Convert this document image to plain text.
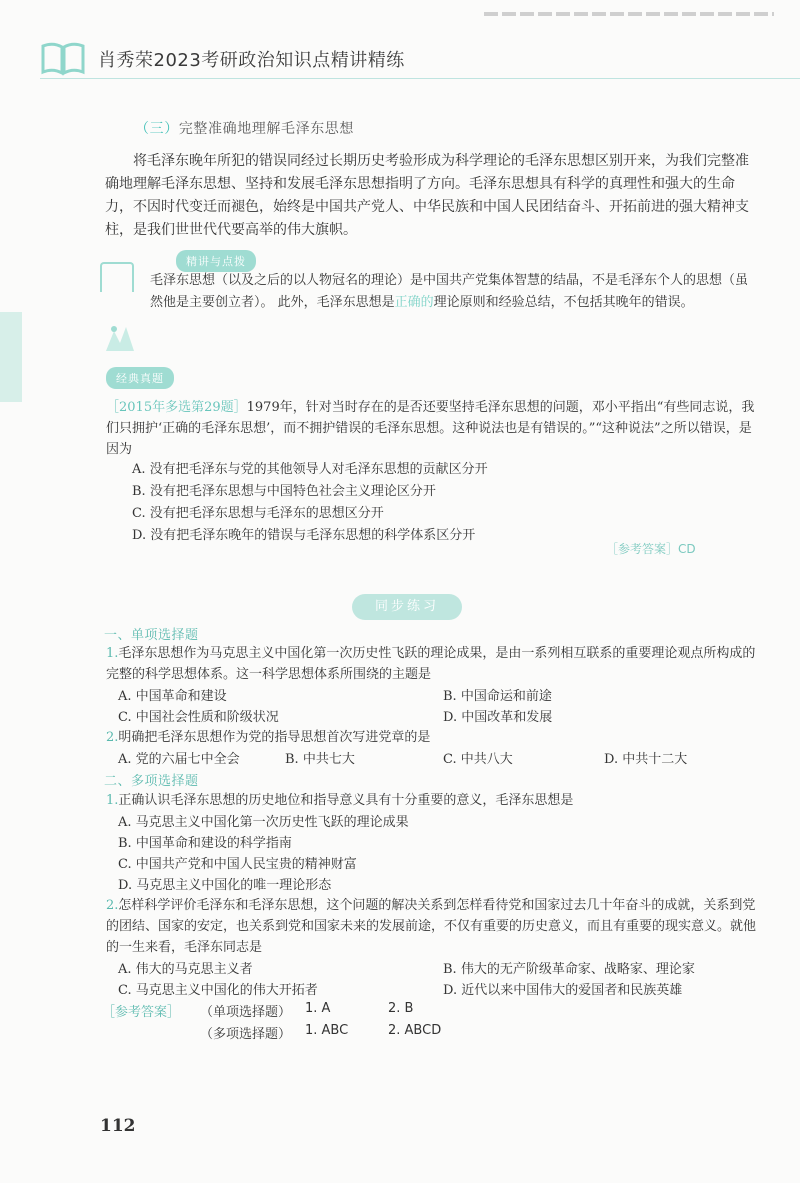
肖秀荣2023考研政治知识点精讲精练
（三）完整准确地理解毛泽东思想
将毛泽东晚年所犯的错误同经过长期历史考验形成为科学理论的毛泽东思想区别开来，为我们完整准确地理解毛泽东思想、坚持和发展毛泽东思想指明了方向。毛泽东思想具有科学的真理性和强大的生命力，不因时代变迁而褪色，始终是中国共产党人、中华民族和中国人民团结奋斗、开拓前进的强大精神支柱，是我们世世代代要高举的伟大旗帜。
精讲与点拨
毛泽东思想（以及之后的以人物冠名的理论）是中国共产党集体智慧的结晶，不是毛泽东个人的思想（虽然他是主要创立者）。 此外，毛泽东思想是正确的理论原则和经验总结，不包括其晚年的错误。
经典真题
［2015年多选第29题］1979年，针对当时存在的是否还要坚持毛泽东思想的问题，邓小平指出“有些同志说，我们只拥护‘正确的毛泽东思想’，而不拥护错误的毛泽东思想。这种说法也是有错误的。”“这种说法”之所以错误，是因为
A. 没有把毛泽东与党的其他领导人对毛泽东思想的贡献区分开
B. 没有把毛泽东思想与中国特色社会主义理论区分开
C. 没有把毛泽东思想与毛泽东的思想区分开
D. 没有把毛泽东晚年的错误与毛泽东思想的科学体系区分开
［参考答案］CD
同步练习
一、单项选择题
1.毛泽东思想作为马克思主义中国化第一次历史性飞跃的理论成果，是由一系列相互联系的重要理论观点所构成的完整的科学思想体系。这一科学思想体系所围绕的主题是
A. 中国革命和建设	B. 中国命运和前途
C. 中国社会性质和阶级状况	D. 中国改革和发展
2.明确把毛泽东思想作为党的指导思想首次写进党章的是
A. 党的六届七中全会	B. 中共七大	C. 中共八大	D. 中共十二大
二、多项选择题
1.正确认识毛泽东思想的历史地位和指导意义具有十分重要的意义，毛泽东思想是
A. 马克思主义中国化第一次历史性飞跃的理论成果
B. 中国革命和建设的科学指南
C. 中国共产党和中国人民宝贵的精神财富
D. 马克思主义中国化的唯一理论形态
2.怎样科学评价毛泽东和毛泽东思想，这个问题的解决关系到怎样看待党和国家过去几十年奋斗的成就，关系到党的团结、国家的安定，也关系到党和国家未来的发展前途，不仅有重要的历史意义，而且有重要的现实意义。就他的一生来看，毛泽东同志是
A. 伟大的马克思主义者	B. 伟大的无产阶级革命家、战略家、理论家
C. 马克思主义中国化的伟大开拓者	D. 近代以来中国伟大的爱国者和民族英雄
［参考答案］ （单项选择题） 1. A	2. B
（多项选择题） 1. ABC	2. ABCD
112
